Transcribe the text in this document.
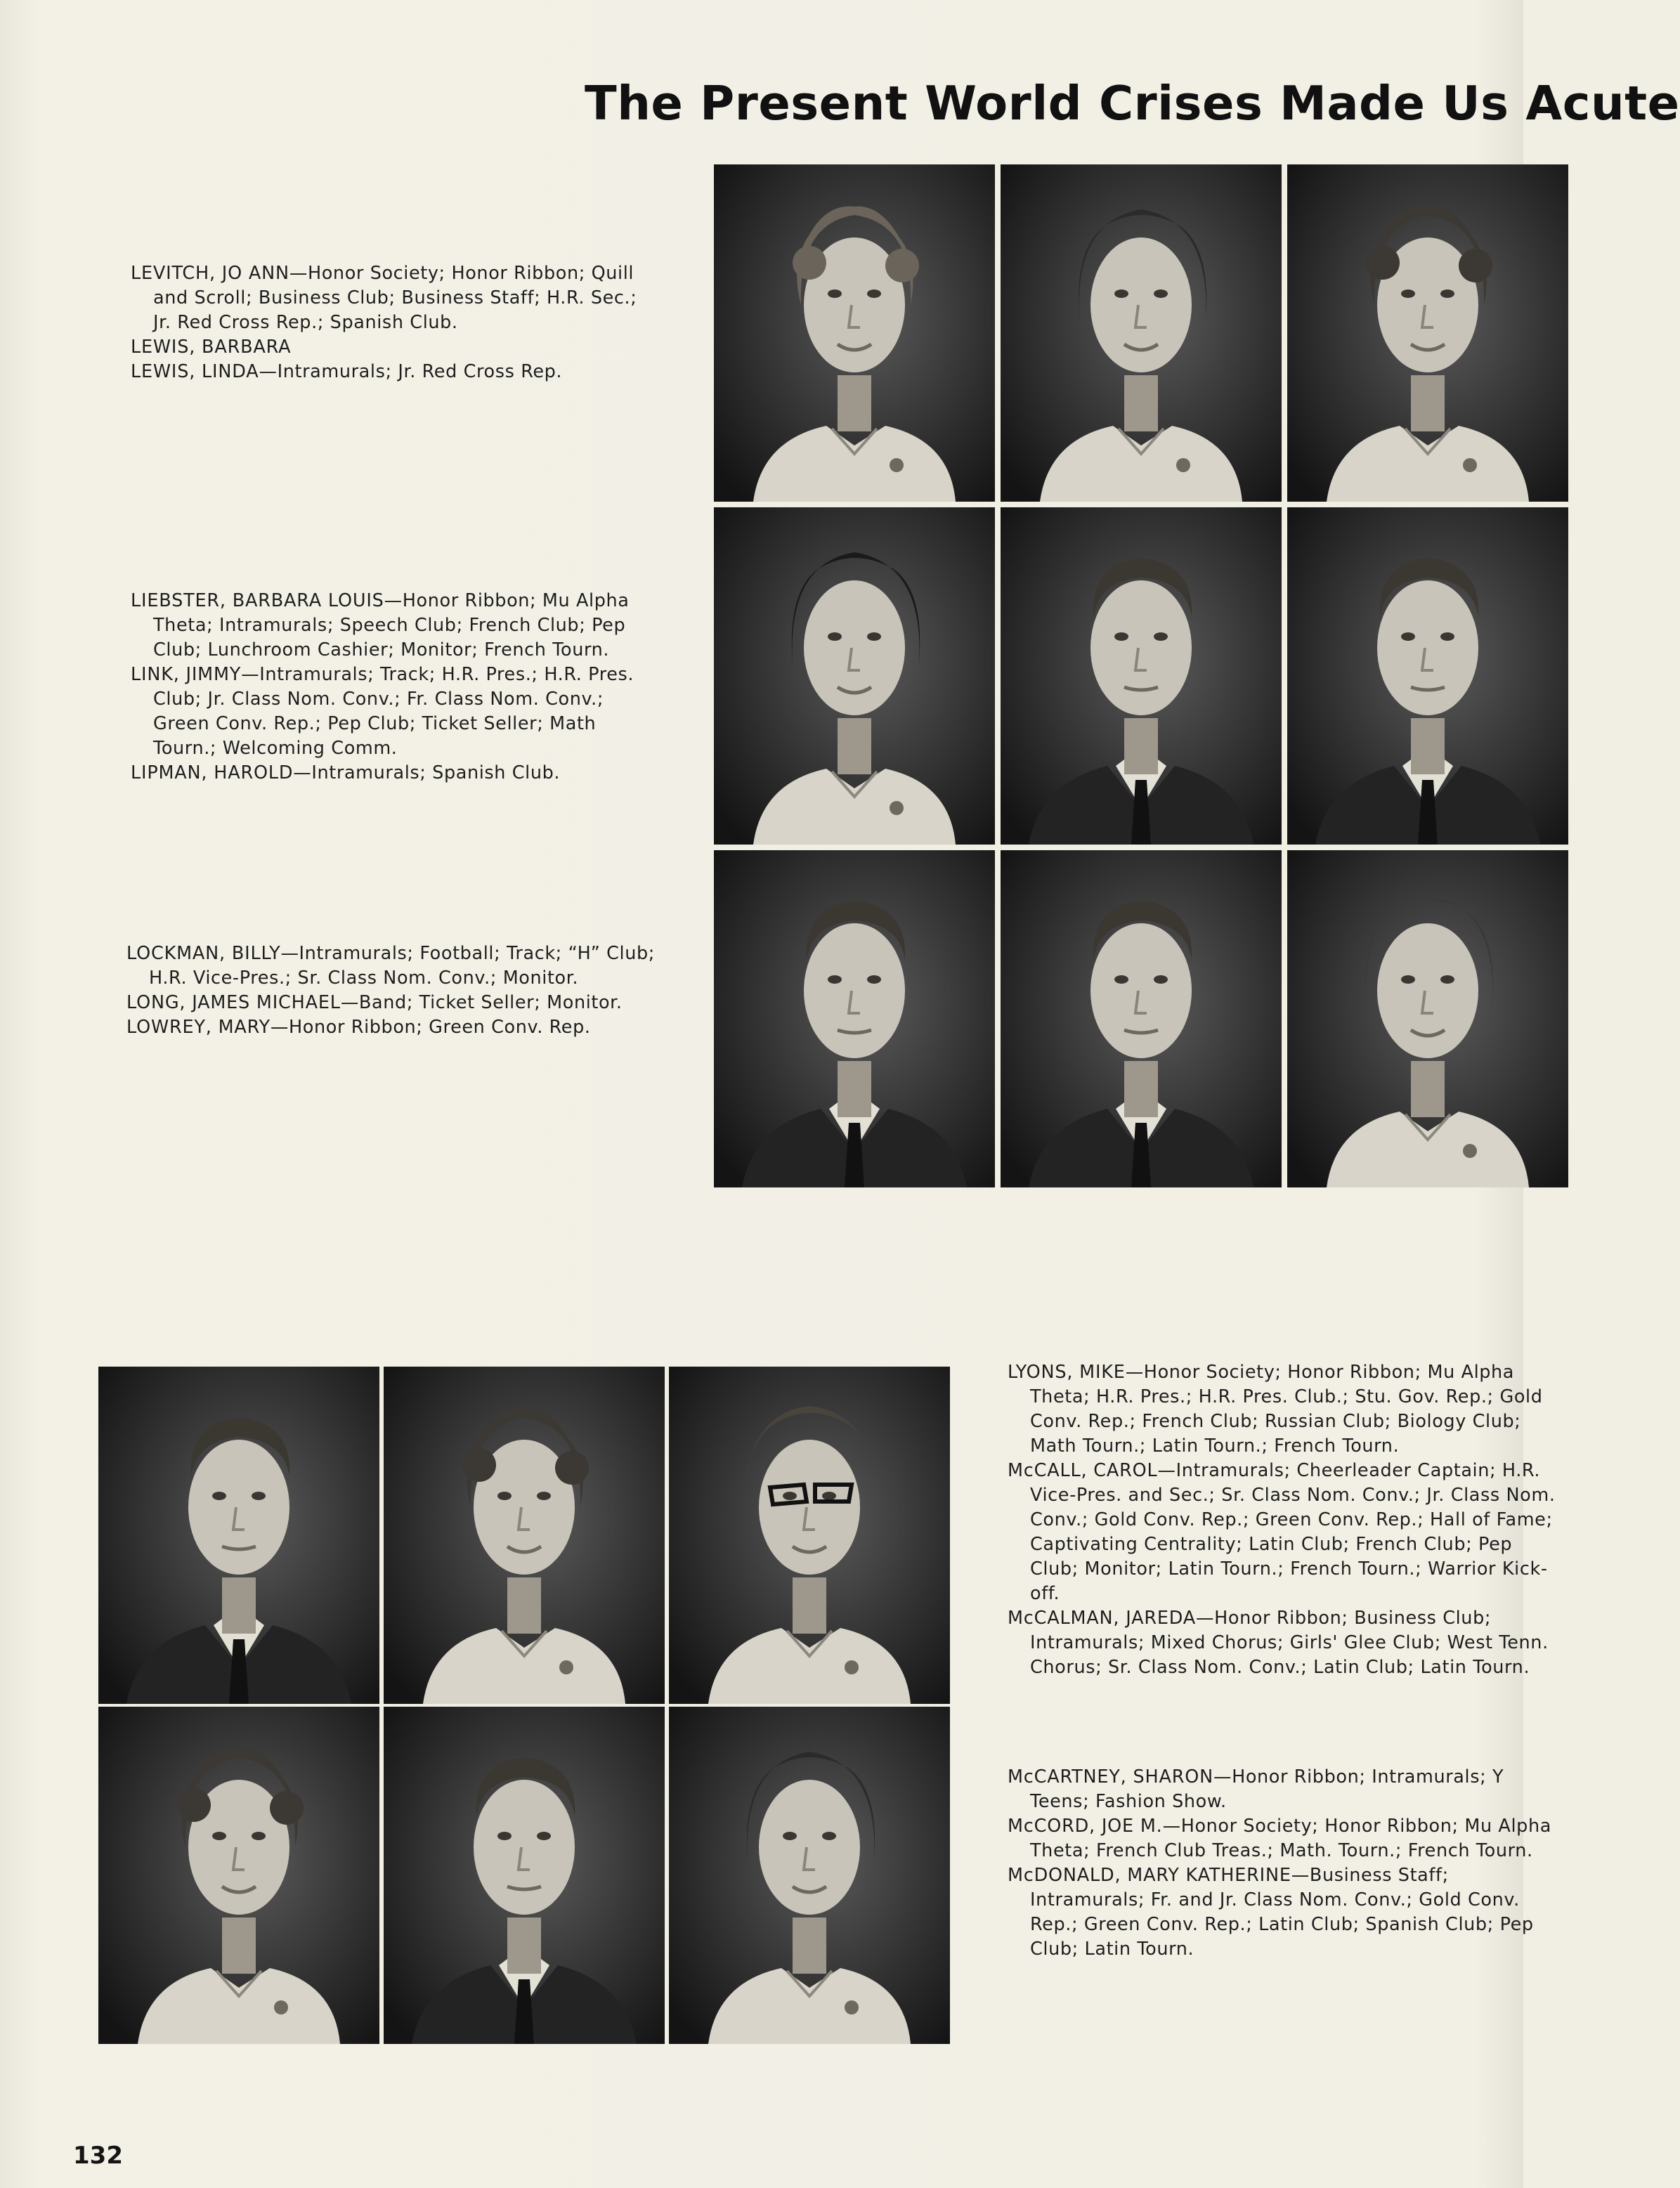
The Present World Crises Made Us Acute
LEVITCH, JO ANN—Honor Society; Honor Ribbon; Quill and Scroll; Business Club; Business Staff; H.R. Sec.; Jr. Red Cross Rep.; Spanish Club.
LEWIS, BARBARA
LEWIS, LINDA—Intramurals; Jr. Red Cross Rep.
LIEBSTER, BARBARA LOUIS—Honor Ribbon; Mu Alpha Theta; Intramurals; Speech Club; French Club; Pep Club; Lunchroom Cashier; Monitor; French Tourn.
LINK, JIMMY—Intramurals; Track; H.R. Pres.; H.R. Pres. Club; Jr. Class Nom. Conv.; Fr. Class Nom. Conv.; Green Conv. Rep.; Pep Club; Ticket Seller; Math Tourn.; Welcoming Comm.
LIPMAN, HAROLD—Intramurals; Spanish Club.
LOCKMAN, BILLY—Intramurals; Football; Track; “H” Club; H.R. Vice-Pres.; Sr. Class Nom. Conv.; Monitor.
LONG, JAMES MICHAEL—Band; Ticket Seller; Monitor.
LOWREY, MARY—Honor Ribbon; Green Conv. Rep.
LYONS, MIKE—Honor Society; Honor Ribbon; Mu Alpha Theta; H.R. Pres.; H.R. Pres. Club.; Stu. Gov. Rep.; Gold Conv. Rep.; French Club; Russian Club; Biology Club; Math Tourn.; Latin Tourn.; French Tourn.
McCALL, CAROL—Intramurals; Cheerleader Captain; H.R. Vice-Pres. and Sec.; Sr. Class Nom. Conv.; Jr. Class Nom. Conv.; Gold Conv. Rep.; Green Conv. Rep.; Hall of Fame; Captivating Centrality; Latin Club; French Club; Pep Club; Monitor; Latin Tourn.; French Tourn.; Warrior Kick-off.
McCALMAN, JAREDA—Honor Ribbon; Business Club; Intramurals; Mixed Chorus; Girls' Glee Club; West Tenn. Chorus; Sr. Class Nom. Conv.; Latin Club; Latin Tourn.
McCARTNEY, SHARON—Honor Ribbon; Intramurals; Y Teens; Fashion Show.
McCORD, JOE M.—Honor Society; Honor Ribbon; Mu Alpha Theta; French Club Treas.; Math. Tourn.; French Tourn.
McDONALD, MARY KATHERINE—Business Staff; Intramurals; Fr. and Jr. Class Nom. Conv.; Gold Conv. Rep.; Green Conv. Rep.; Latin Club; Spanish Club; Pep Club; Latin Tourn.
132
